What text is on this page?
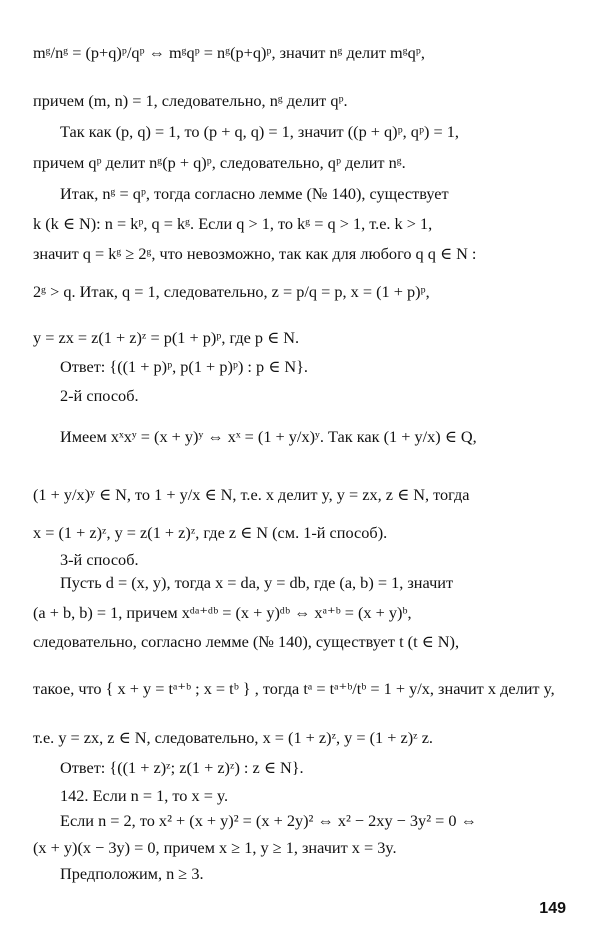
mᵍ/nᵍ = (p+q)ᵖ/qᵖ ⇔ mᵍqᵖ = nᵍ(p+q)ᵖ, значит nᵍ делит mᵍqᵖ,
причем (m, n) = 1, следовательно, nᵍ делит qᵖ.
Так как (p, q) = 1, то (p + q, q) = 1, значит ((p + q)ᵖ, qᵖ) = 1,
причем qᵖ делит nᵍ(p + q)ᵖ, следовательно, qᵖ делит nᵍ.
Итак, nᵍ = qᵖ, тогда согласно лемме (№ 140), существует
k (k ∈ N): n = kᵖ, q = kᵍ. Если q > 1, то kᵍ = q > 1, т.е. k > 1,
значит q = kᵍ ≥ 2ᵍ, что невозможно, так как для любого q q ∈ N :
2ᵍ > q. Итак, q = 1, следовательно, z = p/q = p, x = (1 + p)ᵖ,
y = zx = z(1 + z)ᶻ = p(1 + p)ᵖ, где p ∈ N.
Ответ: {((1 + p)ᵖ, p(1 + p)ᵖ) : p ∈ N}.
2-й способ.
Имеем xˣxʸ = (x + y)ʸ ⇔ xˣ = (1 + y/x)ʸ. Так как (1 + y/x) ∈ Q,
(1 + y/x)ʸ ∈ N, то 1 + y/x ∈ N, т.е. x делит y, y = zx, z ∈ N, тогда
x = (1 + z)ᶻ, y = z(1 + z)ᶻ, где z ∈ N (см. 1-й способ).
3-й способ.
Пусть d = (x, y), тогда x = da, y = db, где (a, b) = 1, значит
(a + b, b) = 1, причем xᵈᵃ⁺ᵈᵇ = (x + y)ᵈᵇ ⇔ xᵃ⁺ᵇ = (x + y)ᵇ,
следовательно, согласно лемме (№ 140), существует t (t ∈ N),
такое, что { x + y = tᵃ⁺ᵇ ; x = tᵇ } , тогда tᵃ = tᵃ⁺ᵇ/tᵇ = 1 + y/x, значит x делит y,
т.е. y = zx, z ∈ N, следовательно, x = (1 + z)ᶻ, y = (1 + z)ᶻ z.
Ответ: {((1 + z)ᶻ; z(1 + z)ᶻ) : z ∈ N}.
142. Если n = 1, то x = y.
Если n = 2, то x² + (x + y)² = (x + 2y)² ⇔ x² − 2xy − 3y² = 0 ⇔
(x + y)(x − 3y) = 0, причем x ≥ 1, y ≥ 1, значит x = 3y.
Предположим, n ≥ 3.
149
